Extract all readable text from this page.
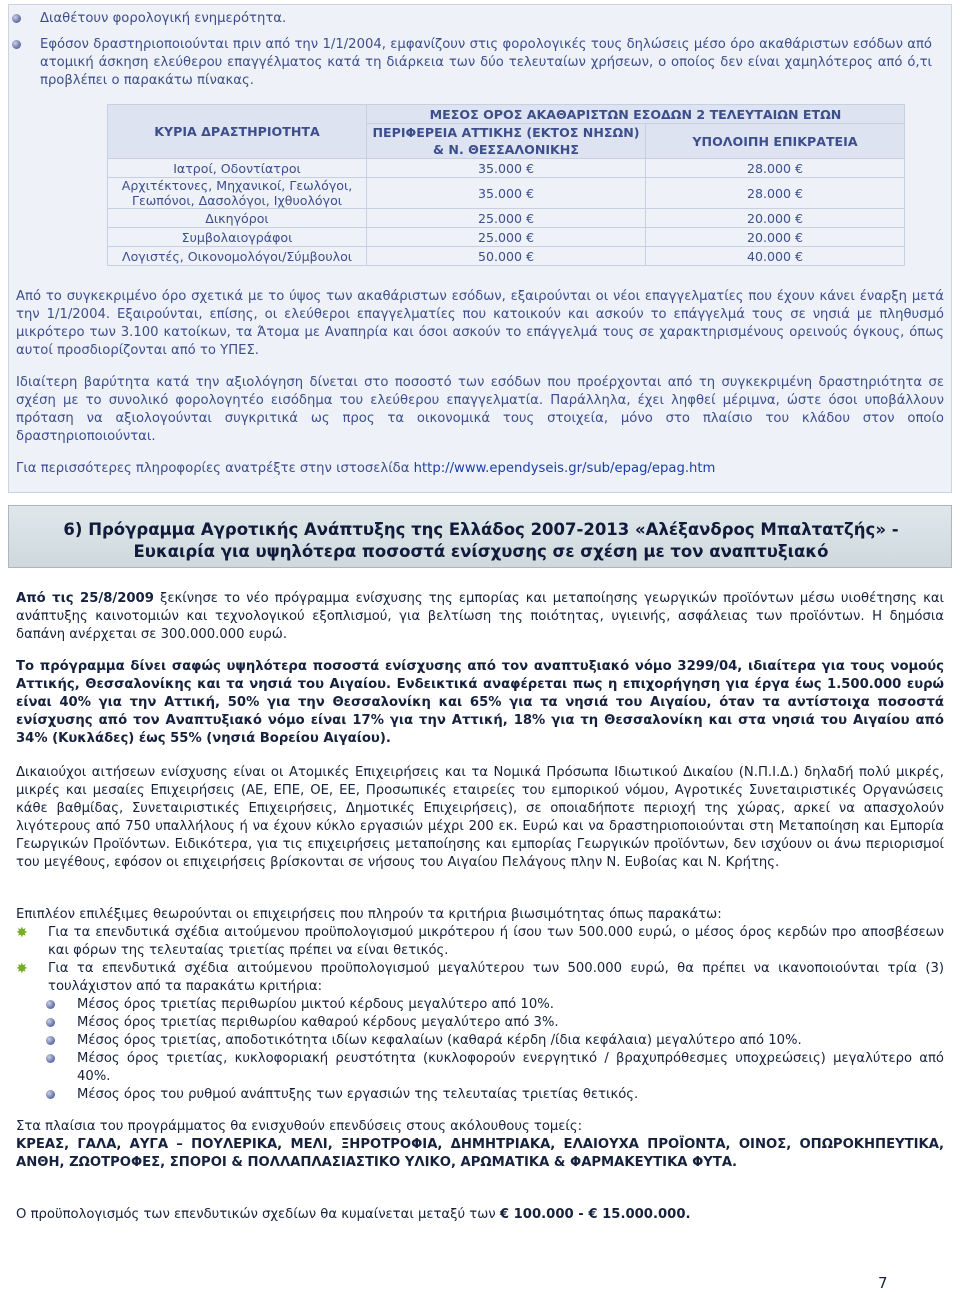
Διαθέτουν φορολογική ενημερότητα.
Εφόσον δραστηριοποιούνται πριν από την 1/1/2004, εμφανίζουν στις φορολογικές τους δηλώσεις μέσο όρο ακαθάριστων εσόδων από ατομική άσκηση ελεύθερου επαγγέλματος κατά τη διάρκεια των δύο τελευταίων χρήσεων, ο οποίος δεν είναι χαμηλότερος από ό,τι προβλέπει ο παρακάτω πίνακας.
ΚΥΡΙΑ ΔΡΑΣΤΗΡΙΟΤΗΤΑ	ΜΕΣΟΣ ΟΡΟΣ ΑΚΑΘΑΡΙΣΤΩΝ ΕΣΟΔΩΝ 2 ΤΕΛΕΥΤΑΙΩΝ ΕΤΩΝ	
	ΠΕΡΙΦΕΡΕΙΑ ΑΤΤΙΚΗΣ (ΕΚΤΟΣ ΝΗΣΩΝ) & Ν. ΘΕΣΣΑΛΟΝΙΚΗΣ	ΥΠΟΛΟΙΠΗ ΕΠΙΚΡΑΤΕΙΑ

Ιατροί, Οδοντίατροι	35.000 €	28.000 €
Αρχιτέκτονες, Μηχανικοί, Γεωλόγοι, Γεωπόνοι, Δασολόγοι, Ιχθυολόγοι	35.000 €	28.000 €
Δικηγόροι	25.000 €	20.000 €
Συμβολαιογράφοι	25.000 €	20.000 €
Λογιστές, Οικονομολόγοι/Σύμβουλοι	50.000 €	40.000 €
Από το συγκεκριμένο όρο σχετικά με το ύψος των ακαθάριστων εσόδων, εξαιρούνται οι νέοι επαγγελματίες που έχουν κάνει έναρξη μετά την 1/1/2004. Εξαιρούνται, επίσης, οι ελεύθεροι επαγγελματίες που κατοικούν και ασκούν το επάγγελμά τους σε νησιά με πληθυσμό μικρότερο των 3.100 κατοίκων, τα Άτομα με Αναπηρία και όσοι ασκούν το επάγγελμά τους σε χαρακτηρισμένους ορεινούς όγκους, όπως αυτοί προσδιορίζονται από το ΥΠΕΣ.
Ιδιαίτερη βαρύτητα κατά την αξιολόγηση δίνεται στο ποσοστό των εσόδων που προέρχονται από τη συγκεκριμένη δραστηριότητα σε σχέση με το συνολικό φορολογητέο εισόδημα του ελεύθερου επαγγελματία. Παράλληλα, έχει ληφθεί μέριμνα, ώστε όσοι υποβάλλουν πρόταση να αξιολογούνται συγκριτικά ως προς τα οικονομικά τους στοιχεία, μόνο στο πλαίσιο του κλάδου στον οποίο δραστηριοποιούνται.
Για περισσότερες πληροφορίες ανατρέξτε στην ιστοσελίδα http://www.ependyseis.gr/sub/epag/epag.htm
6) Πρόγραμμα Αγροτικής Ανάπτυξης της Ελλάδος 2007-2013 «Αλέξανδρος Μπαλτατζής» -
Ευκαιρία για υψηλότερα ποσοστά ενίσχυσης σε σχέση με τον αναπτυξιακό
Από τις 25/8/2009 ξεκίνησε το νέο πρόγραμμα ενίσχυσης της εμπορίας και μεταποίησης γεωργικών προϊόντων μέσω υιοθέτησης και ανάπτυξης καινοτομιών και τεχνολογικού εξοπλισμού, για βελτίωση της ποιότητας, υγιεινής, ασφάλειας των προϊόντων. Η δημόσια δαπάνη ανέρχεται σε 300.000.000 ευρώ.
Το πρόγραμμα δίνει σαφώς υψηλότερα ποσοστά ενίσχυσης από τον αναπτυξιακό νόμο 3299/04, ιδιαίτερα για τους νομούς Αττικής, Θεσσαλονίκης και τα νησιά του Αιγαίου. Ενδεικτικά αναφέρεται πως η επιχορήγηση για έργα έως 1.500.000 ευρώ είναι 40% για την Αττική, 50% για την Θεσσαλονίκη και 65% για τα νησιά του Αιγαίου, όταν τα αντίστοιχα ποσοστά ενίσχυσης από τον Αναπτυξιακό νόμο είναι 17% για την Αττική, 18% για τη Θεσσαλονίκη και στα νησιά του Αιγαίου από 34% (Κυκλάδες) έως 55% (νησιά Βορείου Αιγαίου).
Δικαιούχοι αιτήσεων ενίσχυσης είναι οι Ατομικές Επιχειρήσεις και τα Νομικά Πρόσωπα Ιδιωτικού Δικαίου (Ν.Π.Ι.Δ.) δηλαδή πολύ μικρές, μικρές και μεσαίες Επιχειρήσεις (ΑΕ, ΕΠΕ, ΟΕ, ΕΕ, Προσωπικές εταιρείες του εμπορικού νόμου, Αγροτικές Συνεταιριστικές Οργανώσεις κάθε βαθμίδας, Συνεταιριστικές Επιχειρήσεις, Δημοτικές Επιχειρήσεις), σε οποιαδήποτε περιοχή της χώρας, αρκεί να απασχολούν λιγότερους από 750 υπαλλήλους ή να έχουν κύκλο εργασιών μέχρι 200 εκ. Ευρώ και να δραστηριοποιούνται στη Μεταποίηση και Εμπορία Γεωργικών Προϊόντων. Ειδικότερα, για τις επιχειρήσεις μεταποίησης και εμπορίας Γεωργικών προϊόντων, δεν ισχύουν οι άνω περιορισμοί του μεγέθους, εφόσον οι επιχειρήσεις βρίσκονται σε νήσους του Αιγαίου Πελάγους πλην Ν. Ευβοίας και Ν. Κρήτης.
Επιπλέον επιλέξιμες θεωρούνται οι επιχειρήσεις που πληρούν τα κριτήρια βιωσιμότητας όπως παρακάτω:
✸ Για τα επενδυτικά σχέδια αιτούμενου προϋπολογισμού μικρότερου ή ίσου των 500.000 ευρώ, ο μέσος όρος κερδών προ αποσβέσεων και φόρων της τελευταίας τριετίας πρέπει να είναι θετικός.
✸ Για τα επενδυτικά σχέδια αιτούμενου προϋπολογισμού μεγαλύτερου των 500.000 ευρώ, θα πρέπει να ικανοποιούνται τρία (3) τουλάχιστον από τα παρακάτω κριτήρια:
Μέσος όρος τριετίας περιθωρίου μικτού κέρδους μεγαλύτερο από 10%.
Μέσος όρος τριετίας περιθωρίου καθαρού κέρδους μεγαλύτερο από 3%.
Μέσος όρος τριετίας, αποδοτικότητα ιδίων κεφαλαίων (καθαρά κέρδη /ίδια κεφάλαια) μεγαλύτερο από 10%.
Μέσος όρος τριετίας, κυκλοφοριακή ρευστότητα (κυκλοφορούν ενεργητικό / βραχυπρόθεσμες υποχρεώσεις) μεγαλύτερο από 40%.
Μέσος όρος του ρυθμού ανάπτυξης των εργασιών της τελευταίας τριετίας θετικός.
Στα πλαίσια του προγράμματος θα ενισχυθούν επενδύσεις στους ακόλουθους τομείς:
ΚΡΕΑΣ, ΓΑΛΑ, ΑΥΓΑ – ΠΟΥΛΕΡΙΚΑ, ΜΕΛΙ, ΞΗΡΟΤΡΟΦΙΑ, ΔΗΜΗΤΡΙΑΚΑ, ΕΛΑΙΟΥΧΑ ΠΡΟΪΟΝΤΑ, ΟΙΝΟΣ, ΟΠΩΡΟΚΗΠΕΥΤΙΚΑ, ΑΝΘΗ, ΖΩΟΤΡΟΦΕΣ, ΣΠΟΡΟΙ & ΠΟΛΛΑΠΛΑΣΙΑΣΤΙΚΟ ΥΛΙΚΟ, ΑΡΩΜΑΤΙΚΑ & ΦΑΡΜΑΚΕΥΤΙΚΑ ΦΥΤΑ.
Ο προϋπολογισμός των επενδυτικών σχεδίων θα κυμαίνεται μεταξύ των € 100.000 - € 15.000.000.
7
